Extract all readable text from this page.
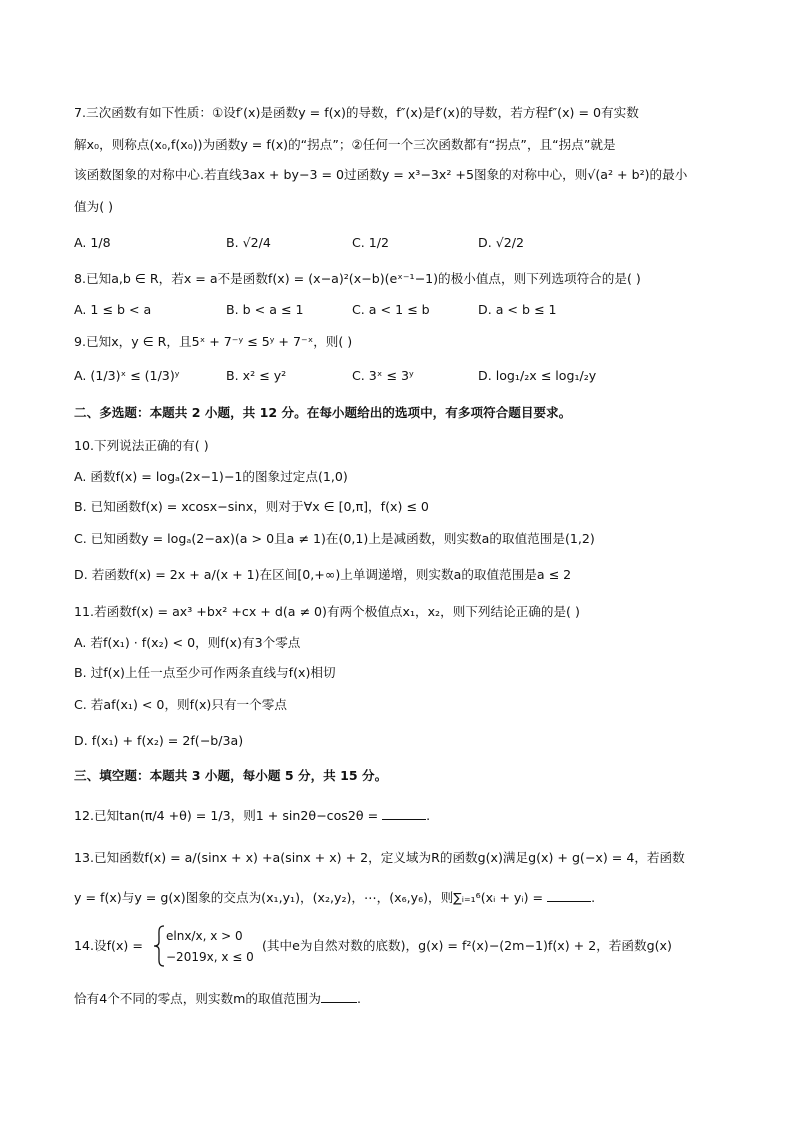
7.三次函数有如下性质：①设f′(x)是函数y = f(x)的导数，f″(x)是f′(x)的导数，若方程f″(x) = 0有实数
解x₀，则称点(x₀,f(x₀))为函数y = f(x)的“拐点”；②任何一个三次函数都有“拐点”，且“拐点”就是
该函数图象的对称中心.若直线3ax + by−3 = 0过函数y = x³−3x² +5图象的对称中心，则√(a² + b²)的最小
值为( )
A. 1/8	B. √2/4	C. 1/2	D. √2/2
8.已知a,b ∈ R，若x = a不是函数f(x) = (x−a)²(x−b)(eˣ⁻¹−1)的极小值点，则下列选项符合的是( )
A. 1 ≤ b < a	B. b < a ≤ 1	C. a < 1 ≤ b	D. a < b ≤ 1
9.已知x，y ∈ R，且5ˣ + 7⁻ʸ ≤ 5ʸ + 7⁻ˣ，则( )
A. (1/3)ˣ ≤ (1/3)ʸ	B. x² ≤ y²	C. 3ˣ ≤ 3ʸ	D. log₁/₂x ≤ log₁/₂y
二、多选题：本题共 2 小题，共 12 分。在每小题给出的选项中，有多项符合题目要求。
10.下列说法正确的有( )
A. 函数f(x) = logₐ(2x−1)−1的图象过定点(1,0)
B. 已知函数f(x) = xcosx−sinx，则对于∀x ∈ [0,π]，f(x) ≤ 0
C. 已知函数y = logₐ(2−ax)(a > 0且a ≠ 1)在(0,1)上是减函数，则实数a的取值范围是(1,2)
D. 若函数f(x) = 2x + a/(x + 1)在区间[0,+∞)上单调递增，则实数a的取值范围是a ≤ 2
11.若函数f(x) = ax³ +bx² +cx + d(a ≠ 0)有两个极值点x₁，x₂，则下列结论正确的是( )
A. 若f(x₁) · f(x₂) < 0，则f(x)有3个零点
B. 过f(x)上任一点至少可作两条直线与f(x)相切
C. 若af(x₁) < 0，则f(x)只有一个零点
D. f(x₁) + f(x₂) = 2f(−b/3a)
三、填空题：本题共 3 小题，每小题 5 分，共 15 分。
12.已知tan(π/4 +θ) = 1/3，则1 + sin2θ−cos2θ =	.
13.已知函数f(x) = a/(sinx + x) +a(sinx + x) + 2，定义域为R的函数g(x)满足g(x) + g(−x) = 4，若函数
y = f(x)与y = g(x)图象的交点为(x₁,y₁)，(x₂,y₂)，⋯，(x₆,y₆)，则∑ᵢ₌₁⁶(xᵢ + yᵢ) =	.
14.设f(x) =
elnx/x, x > 0
−2019x, x ≤ 0
(其中e为自然对数的底数)，g(x) = f²(x)−(2m−1)f(x) + 2，若函数g(x)
恰有4个不同的零点，则实数m的取值范围为	.
